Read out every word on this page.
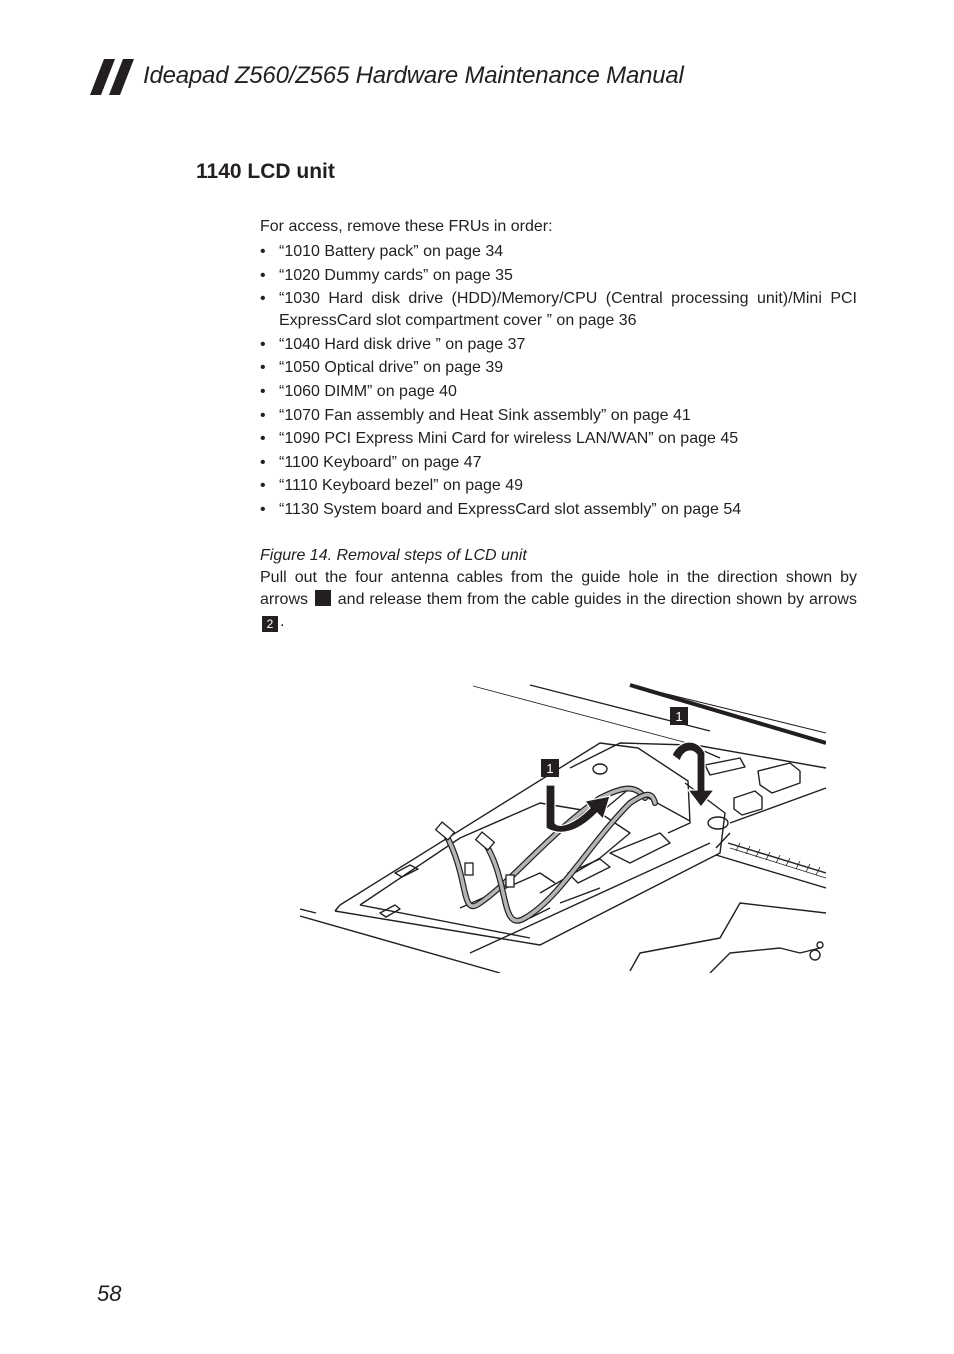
Ideapad Z560/Z565 Hardware Maintenance Manual
1140 LCD unit

For access, remove these FRUs in order:

• “1010 Battery pack” on page 34
• “1020 Dummy cards” on page 35
• “1030 Hard disk drive (HDD)/Memory/CPU (Central processing unit)/Mini PCI ExpressCard slot compartment cover ” on page 36
• “1040 Hard disk drive ” on page 37
• “1050 Optical drive” on page 39
• “1060 DIMM” on page 40
• “1070 Fan assembly and Heat Sink assembly” on page 41
• “1090 PCI Express Mini Card for wireless LAN/WAN” on page 45
• “1100 Keyboard” on page 47
• “1110 Keyboard bezel” on page 49
• “1130 System board and ExpressCard slot assembly” on page 54

Figure 14. Removal steps of LCD unit

Pull out the four antenna cables from the guide hole in the direction shown by arrows and release them from the cable guides in the direction shown by arrows 2 .

1
1
58
